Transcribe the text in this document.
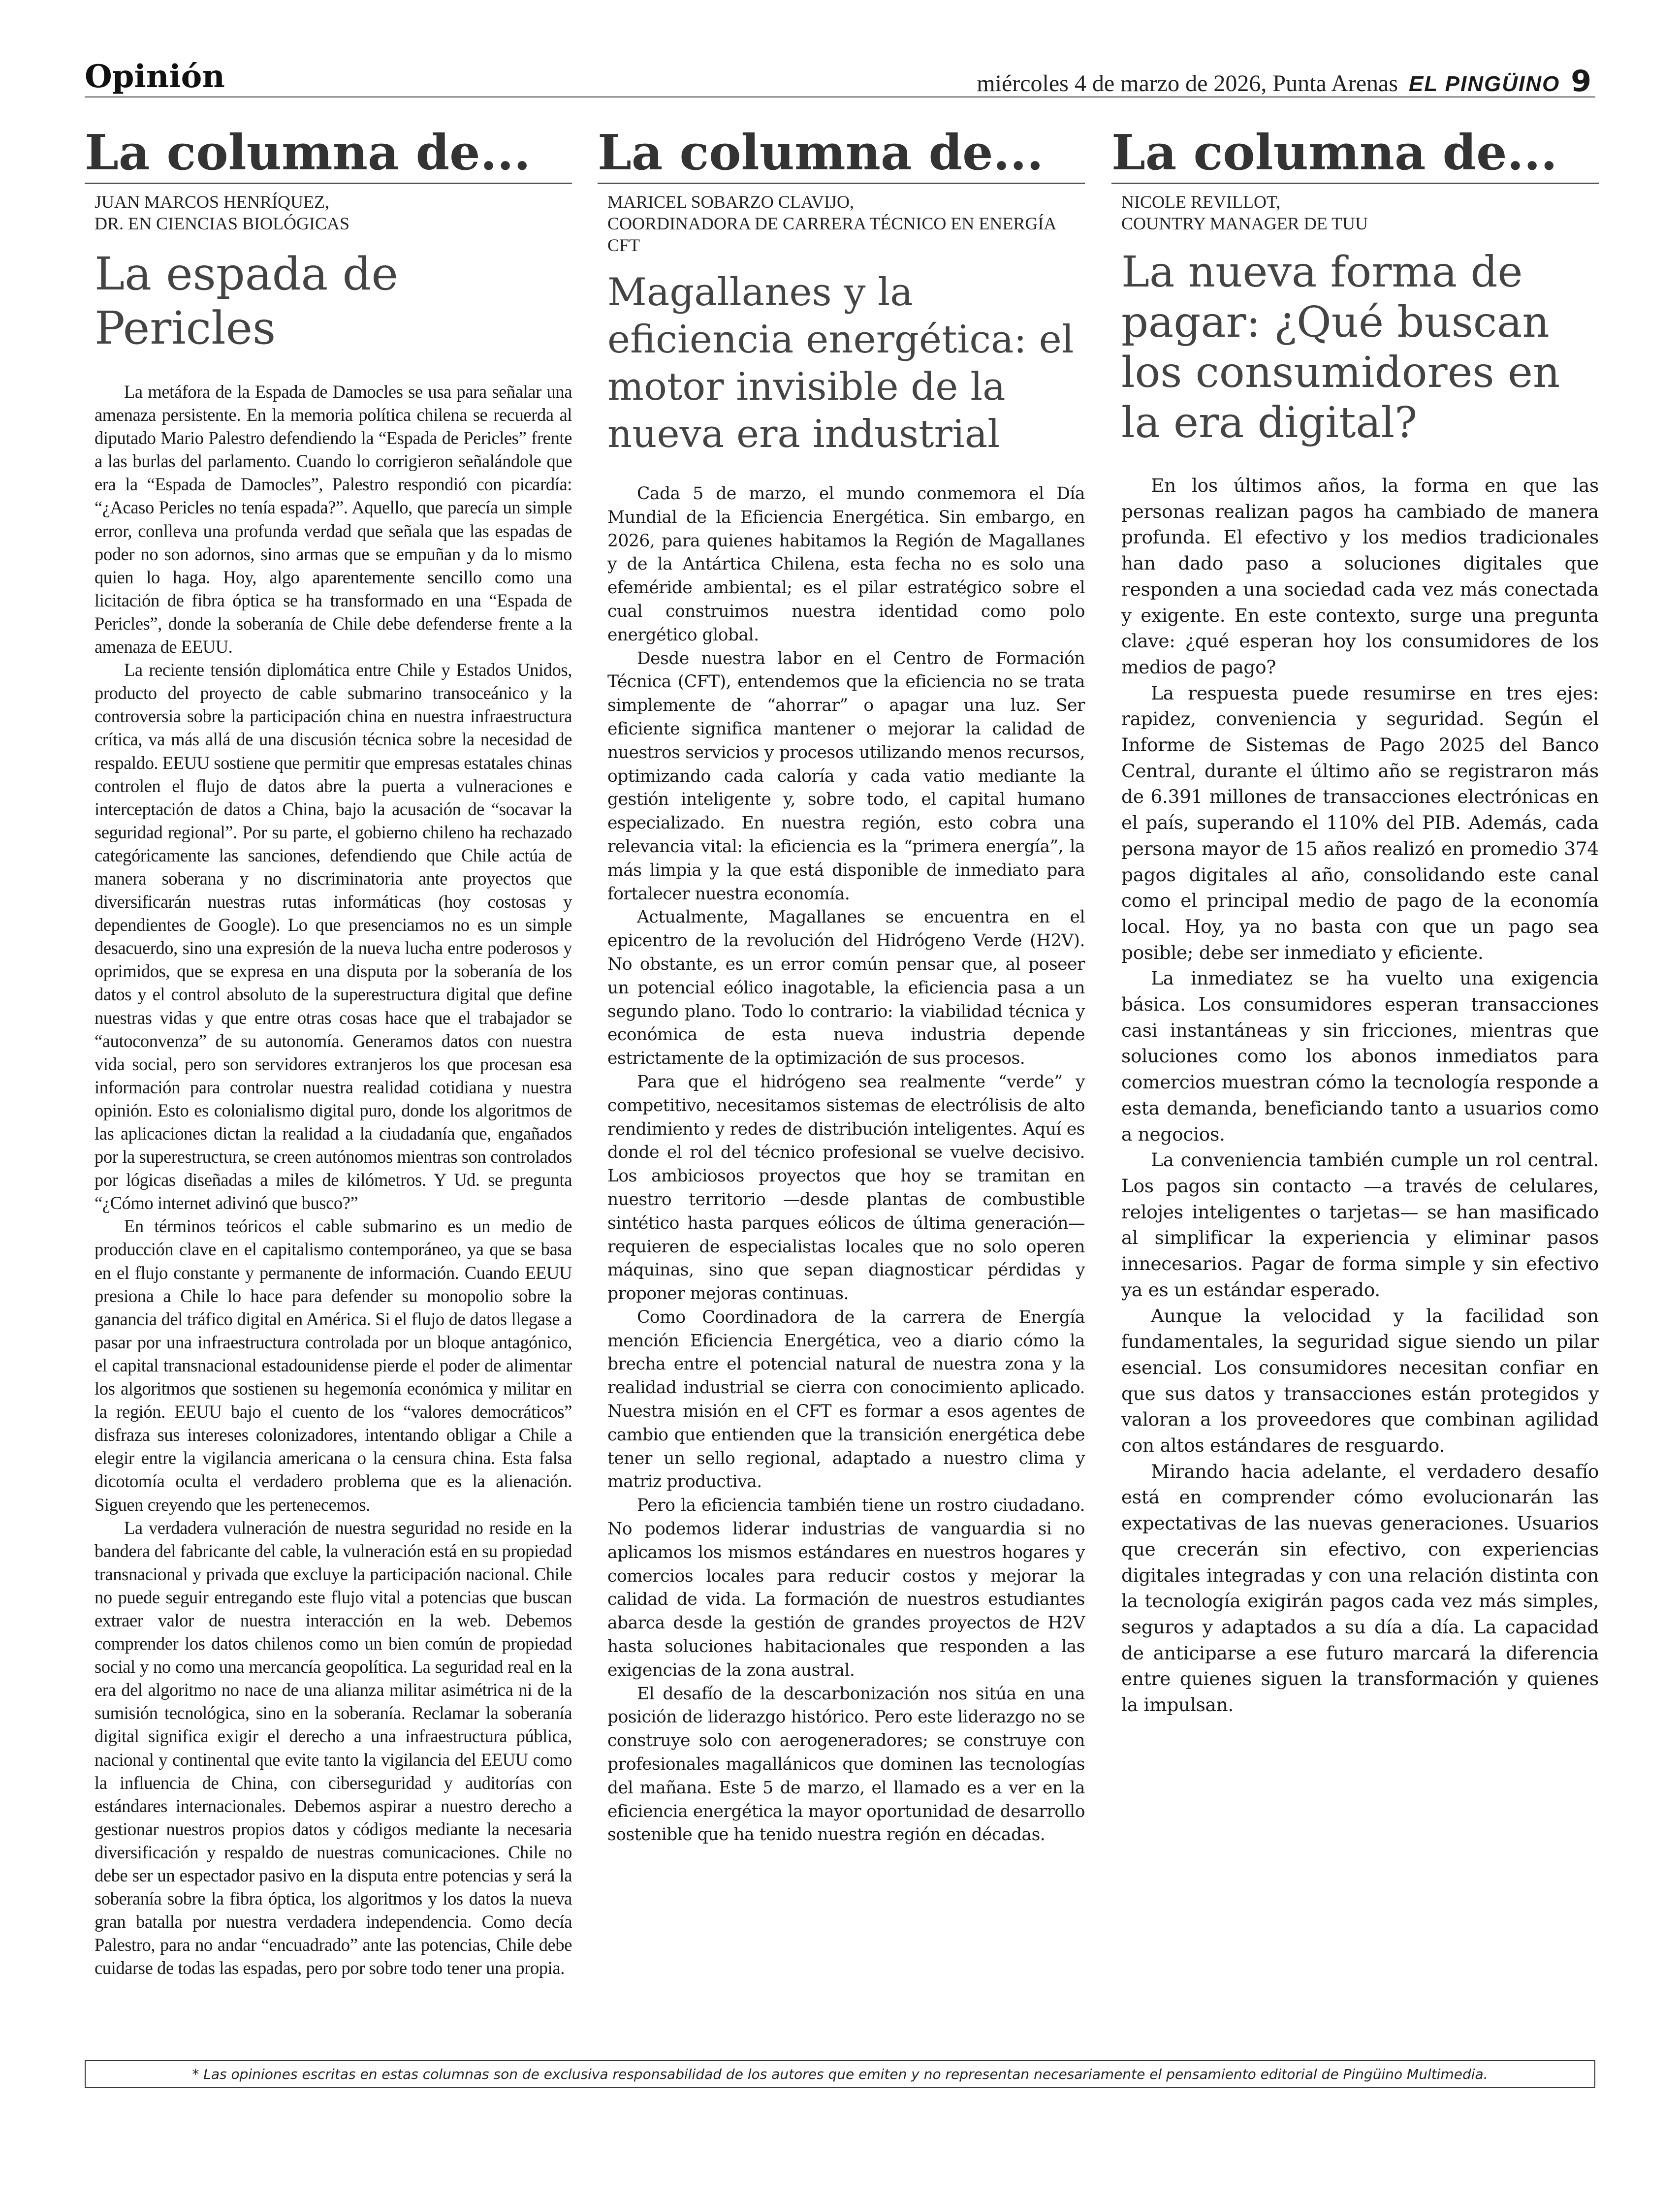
Opinión	miércoles 4 de marzo de 2026, Punta Arenas EL PINGÜINO 9
La columna de...
JUAN MARCOS HENRÍQUEZ,
DR. EN CIENCIAS BIOLÓGICAS
La espada de Pericles

La metáfora de la Espada de Damocles se usa para señalar una amenaza persistente. En la memoria política chilena se recuerda al diputado Mario Palestro defendiendo la “Espada de Pericles” frente a las burlas del parlamento. Cuando lo corrigieron señalándole que era la “Espada de Damocles”, Palestro respondió con picardía: “¿Acaso Pericles no tenía espada?”. Aquello, que parecía un simple error, conlleva una profunda verdad que señala que las espadas de poder no son adornos, sino armas que se empuñan y da lo mismo quien lo haga. Hoy, algo aparentemente sencillo como una licitación de fibra óptica se ha transformado en una “Espada de Pericles”, donde la soberanía de Chile debe defenderse frente a la amenaza de EEUU.

La reciente tensión diplomática entre Chile y Estados Unidos, producto del proyecto de cable submarino transoceánico y la controversia sobre la participación china en nuestra infraestructura crítica, va más allá de una discusión técnica sobre la necesidad de respaldo. EEUU sostiene que permitir que empresas estatales chinas controlen el flujo de datos abre la puerta a vulneraciones e interceptación de datos a China, bajo la acusación de “socavar la seguridad regional”. Por su parte, el gobierno chileno ha rechazado categóricamente las sanciones, defendiendo que Chile actúa de manera soberana y no discriminatoria ante proyectos que diversificarán nuestras rutas informáticas (hoy costosas y dependientes de Google). Lo que presenciamos no es un simple desacuerdo, sino una expresión de la nueva lucha entre poderosos y oprimidos, que se expresa en una disputa por la soberanía de los datos y el control absoluto de la superestructura digital que define nuestras vidas y que entre otras cosas hace que el trabajador se “autoconvenza” de su autonomía. Generamos datos con nuestra vida social, pero son servidores extranjeros los que procesan esa información para controlar nuestra realidad cotidiana y nuestra opinión. Esto es colonialismo digital puro, donde los algoritmos de las aplicaciones dictan la realidad a la ciudadanía que, engañados por la superestructura, se creen autónomos mientras son controlados por lógicas diseñadas a miles de kilómetros. Y Ud. se pregunta “¿Cómo internet adivinó que busco?”

En términos teóricos el cable submarino es un medio de producción clave en el capitalismo contemporáneo, ya que se basa en el flujo constante y permanente de información. Cuando EEUU presiona a Chile lo hace para defender su monopolio sobre la ganancia del tráfico digital en América. Si el flujo de datos llegase a pasar por una infraestructura controlada por un bloque antagónico, el capital transnacional estadounidense pierde el poder de alimentar los algoritmos que sostienen su hegemonía económica y militar en la región. EEUU bajo el cuento de los “valores democráticos” disfraza sus intereses colonizadores, intentando obligar a Chile a elegir entre la vigilancia americana o la censura china. Esta falsa dicotomía oculta el verdadero problema que es la alienación. Siguen creyendo que les pertenecemos.

La verdadera vulneración de nuestra seguridad no reside en la bandera del fabricante del cable, la vulneración está en su propiedad transnacional y privada que excluye la participación nacional. Chile no puede seguir entregando este flujo vital a potencias que buscan extraer valor de nuestra interacción en la web. Debemos comprender los datos chilenos como un bien común de propiedad social y no como una mercancía geopolítica. La seguridad real en la era del algoritmo no nace de una alianza militar asimétrica ni de la sumisión tecnológica, sino en la soberanía. Reclamar la soberanía digital significa exigir el derecho a una infraestructura pública, nacional y continental que evite tanto la vigilancia del EEUU como la influencia de China, con ciberseguridad y auditorías con estándares internacionales. Debemos aspirar a nuestro derecho a gestionar nuestros propios datos y códigos mediante la necesaria diversificación y respaldo de nuestras comunicaciones. Chile no debe ser un espectador pasivo en la disputa entre potencias y será la soberanía sobre la fibra óptica, los algoritmos y los datos la nueva gran batalla por nuestra verdadera independencia. Como decía Palestro, para no andar “encuadrado” ante las potencias, Chile debe cuidarse de todas las espadas, pero por sobre todo tener una propia.

La columna de...
MARICEL SOBARZO CLAVIJO,
COORDINADORA DE CARRERA TÉCNICO EN ENERGÍA CFT
Magallanes y la eficiencia energética: el motor invisible de la nueva era industrial

Cada 5 de marzo, el mundo conmemora el Día Mundial de la Eficiencia Energética. Sin embargo, en 2026, para quienes habitamos la Región de Magallanes y de la Antártica Chilena, esta fecha no es solo una efeméride ambiental; es el pilar estratégico sobre el cual construimos nuestra identidad como polo energético global.

Desde nuestra labor en el Centro de Formación Técnica (CFT), entendemos que la eficiencia no se trata simplemente de “ahorrar” o apagar una luz. Ser eficiente significa mantener o mejorar la calidad de nuestros servicios y procesos utilizando menos recursos, optimizando cada caloría y cada vatio mediante la gestión inteligente y, sobre todo, el capital humano especializado. En nuestra región, esto cobra una relevancia vital: la eficiencia es la “primera energía”, la más limpia y la que está disponible de inmediato para fortalecer nuestra economía.

Actualmente, Magallanes se encuentra en el epicentro de la revolución del Hidrógeno Verde (H2V). No obstante, es un error común pensar que, al poseer un potencial eólico inagotable, la eficiencia pasa a un segundo plano. Todo lo contrario: la viabilidad técnica y económica de esta nueva industria depende estrictamente de la optimización de sus procesos.

Para que el hidrógeno sea realmente “verde” y competitivo, necesitamos sistemas de electrólisis de alto rendimiento y redes de distribución inteligentes. Aquí es donde el rol del técnico profesional se vuelve decisivo. Los ambiciosos proyectos que hoy se tramitan en nuestro territorio —desde plantas de combustible sintético hasta parques eólicos de última generación— requieren de especialistas locales que no solo operen máquinas, sino que sepan diagnosticar pérdidas y proponer mejoras continuas.

Como Coordinadora de la carrera de Energía mención Eficiencia Energética, veo a diario cómo la brecha entre el potencial natural de nuestra zona y la realidad industrial se cierra con conocimiento aplicado. Nuestra misión en el CFT es formar a esos agentes de cambio que entienden que la transición energética debe tener un sello regional, adaptado a nuestro clima y matriz productiva.

Pero la eficiencia también tiene un rostro ciudadano. No podemos liderar industrias de vanguardia si no aplicamos los mismos estándares en nuestros hogares y comercios locales para reducir costos y mejorar la calidad de vida. La formación de nuestros estudiantes abarca desde la gestión de grandes proyectos de H2V hasta soluciones habitacionales que responden a las exigencias de la zona austral.

El desafío de la descarbonización nos sitúa en una posición de liderazgo histórico. Pero este liderazgo no se construye solo con aerogeneradores; se construye con profesionales magallánicos que dominen las tecnologías del mañana. Este 5 de marzo, el llamado es a ver en la eficiencia energética la mayor oportunidad de desarrollo sostenible que ha tenido nuestra región en décadas.

La columna de...
NICOLE REVILLOT,
COUNTRY MANAGER DE TUU
La nueva forma de pagar: ¿Qué buscan los consumidores en la era digital?

En los últimos años, la forma en que las personas realizan pagos ha cambiado de manera profunda. El efectivo y los medios tradicionales han dado paso a soluciones digitales que responden a una sociedad cada vez más conectada y exigente. En este contexto, surge una pregunta clave: ¿qué esperan hoy los consumidores de los medios de pago?

La respuesta puede resumirse en tres ejes: rapidez, conveniencia y seguridad. Según el Informe de Sistemas de Pago 2025 del Banco Central, durante el último año se registraron más de 6.391 millones de transacciones electrónicas en el país, superando el 110% del PIB. Además, cada persona mayor de 15 años realizó en promedio 374 pagos digitales al año, consolidando este canal como el principal medio de pago de la economía local. Hoy, ya no basta con que un pago sea posible; debe ser inmediato y eficiente.

La inmediatez se ha vuelto una exigencia básica. Los consumidores esperan transacciones casi instantáneas y sin fricciones, mientras que soluciones como los abonos inmediatos para comercios muestran cómo la tecnología responde a esta demanda, beneficiando tanto a usuarios como a negocios.

La conveniencia también cumple un rol central. Los pagos sin contacto —a través de celulares, relojes inteligentes o tarjetas— se han masificado al simplificar la experiencia y eliminar pasos innecesarios. Pagar de forma simple y sin efectivo ya es un estándar esperado.

Aunque la velocidad y la facilidad son fundamentales, la seguridad sigue siendo un pilar esencial. Los consumidores necesitan confiar en que sus datos y transacciones están protegidos y valoran a los proveedores que combinan agilidad con altos estándares de resguardo.

Mirando hacia adelante, el verdadero desafío está en comprender cómo evolucionarán las expectativas de las nuevas generaciones. Usuarios que crecerán sin efectivo, con experiencias digitales integradas y con una relación distinta con la tecnología exigirán pagos cada vez más simples, seguros y adaptados a su día a día. La capacidad de anticiparse a ese futuro marcará la diferencia entre quienes siguen la transformación y quienes la impulsan.

* Las opiniones escritas en estas columnas son de exclusiva responsabilidad de los autores que emiten y no representan necesariamente el pensamiento editorial de Pingüino Multimedia.
